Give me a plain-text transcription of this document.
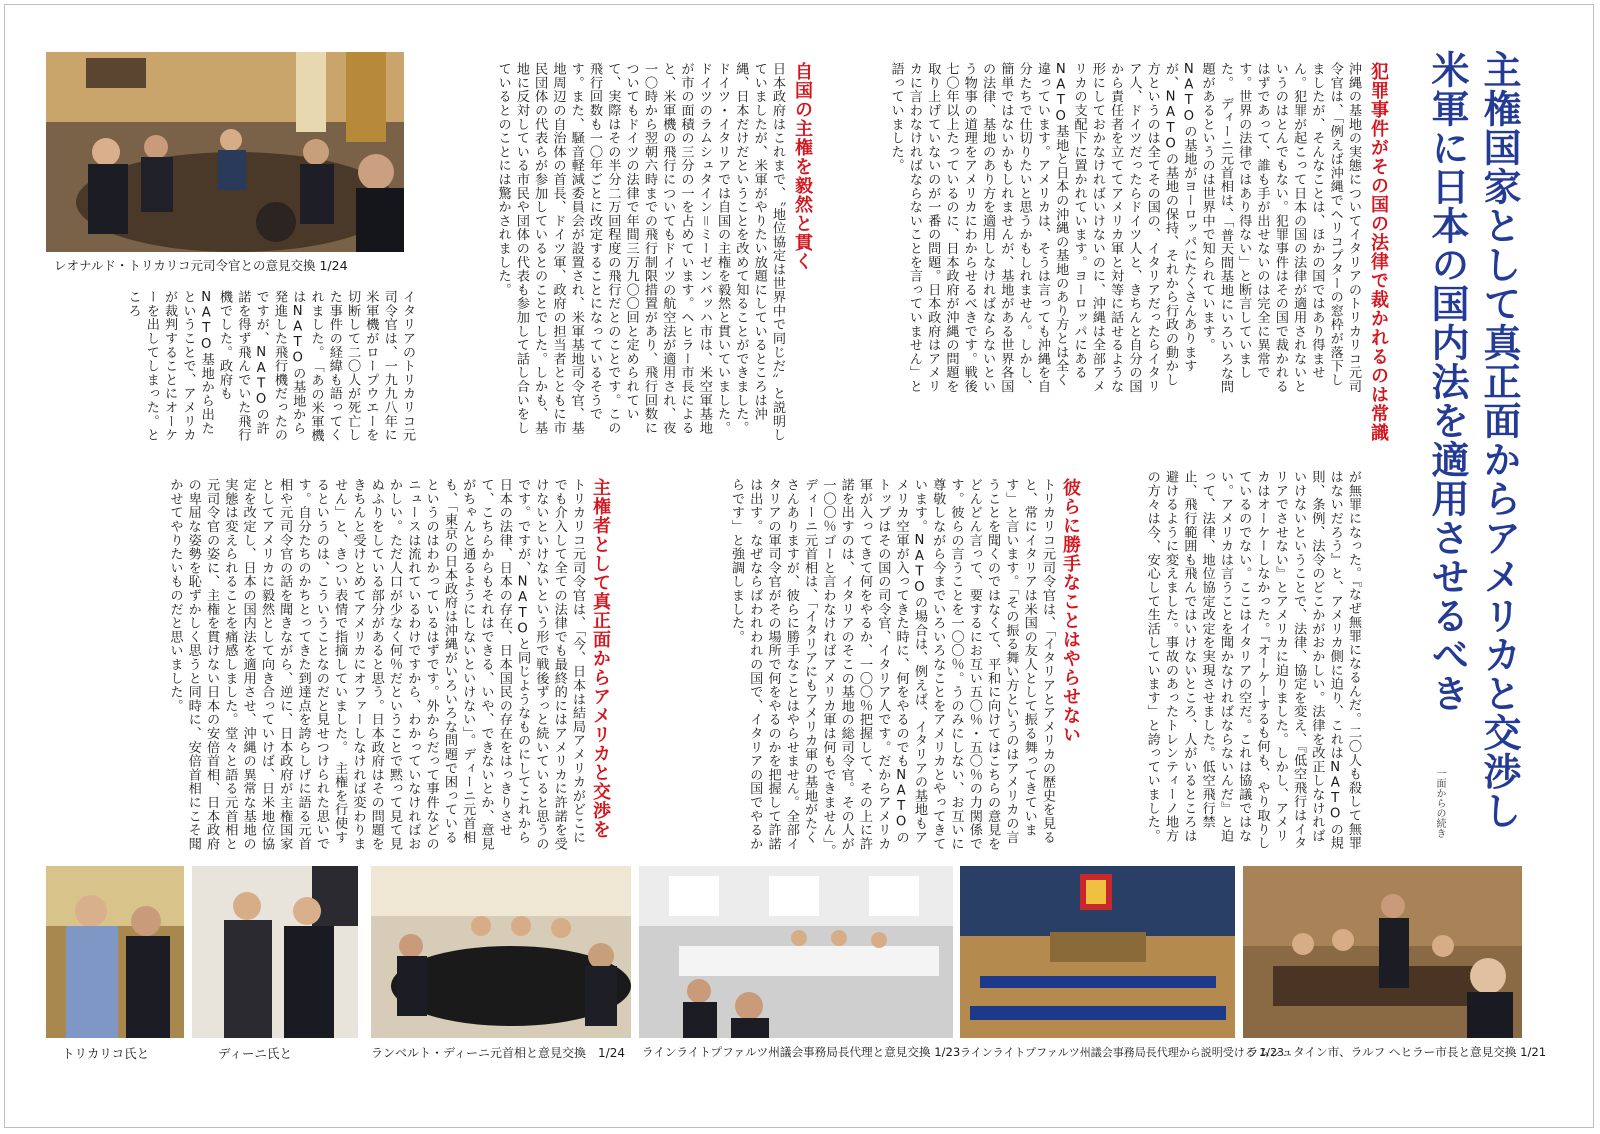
主権国家として真正面からアメリカと交渉し
米軍に日本の国内法を適用させるべき
一面からの続き
犯罪事件がその国の法律で裁かれるのは常識
沖縄の基地の実態についてイタリアのトリカリコ元司令官は、「例えば沖縄でヘリコプターの窓枠が落下しましたが、そんなことは、ほかの国ではあり得ません。犯罪が起こって日本の国の法律が適用されないというのはとんでもない。犯罪事件はその国で裁かれるはずであって、誰も手が出せないのは完全に異常です。世界の法律ではあり得ない」と断言していました。　ディーニ元首相は、「普天間基地にいろいろな問題があるというのは世界中で知られています。NATOの基地がヨーロッパにたくさんありますが、NATOの基地の保持、それから行政の動かし方というのは全てその国の、イタリアだったらイタリア人、ドイツだったらドイツ人と、きちんと自分の国から責任者を立ててアメリカ軍と対等に話せるような形にしておかなければいけないのに、沖縄は全部アメリカの支配下に置かれています。ヨーロッパにあるNATO基地と日本の沖縄の基地のあり方とは全く違っています。アメリカは、そうは言っても沖縄を自分たちで仕切りたいと思うかもしれません。しかし、簡単ではないかもしれませんが、基地がある世界各国の法律、基地のあり方を適用しなければならないという物事の道理をアメリカにわからせるべきです。戦後七〇年以上たっているのに、日本政府が沖縄の問題を取り上げていないのが一番の問題。日本政府はアメリカに言わなければならないことを言っていません」と語っていました。
自国の主権を毅然と貫く
日本政府はこれまで、〝地位協定は世界中で同じだ〟と説明していましたが、米軍がやりたい放題にしているところは沖縄、日本だけだということを改めて知ることができました。ドイツ・イタリアでは自国の主権を毅然と貫いていました。　ドイツのラムシュタイン＝ミーゼンバッハ市は、米空軍基地が市の面積の三分の一を占めています。ヘヒラー市長によると、米軍機の飛行についてもドイツの航空法が適用され、夜一〇時から翌朝六時までの飛行制限措置があり、飛行回数についてもドイツの法律で年間三万九〇〇回と定められていて、実際はその半分二万回程度の飛行だとのことです。この飛行回数も一〇年ごとに改定することになっているそうです。また、騒音軽減委員会が設置され、米軍基地司令官、基地周辺の自治体の首長、ドイツ軍、政府の担当者とともに市民団体の代表らが参加しているとのことでした。しかも、基地に反対している市民や団体の代表も参加して話し合いをしているとのことには驚かされました。
レオナルド・トリカリコ元司令官との意見交換 1/24
イタリアのトリカリコ元司令官は、一九九八年に米軍機がロープウエーを切断して二〇人が死亡した事件の経緯も語ってくれました。　「あの米軍機はNATOの基地から発進した飛行機だったのですが、NATOの許諾を得ず飛んでいた飛行機でした。政府もNATO基地から出たということで、アメリカが裁判することにオーケーを出してしまった。ところ
が無罪になった。『なぜ無罪になるんだ。二〇人も殺して無罪はないだろう』と、アメリカ側に迫り、これはNATOの規則、条例、法令のどこかがおかしい。法律を改正しなければいけないということで、法律、協定を変え、『低空飛行はイタリアでさせない』とアメリカに迫りました。しかし、アメリカはオーケーしなかった。『オーケーするも何も、やり取りしているのでない。ここはイタリアの空だ。これは協議ではない。アメリカは言うことを聞かなければならないんだ』と迫って、法律、地位協定改定を実現させました。低空飛行禁止、飛行範囲も飛んではいけないところ、人がいるところは避けるように変えました。事故のあったトレンティーノ地方の方々は今、安心して生活しています」と誇っていました。
彼らに勝手なことはやらせない
トリカリコ元司令官は、「イタリアとアメリカの歴史を見ると、常にイタリアは米国の友人として振る舞ってきています」と言います。「その振る舞い方というのはアメリカの言うことを聞くのではなくて、平和に向けてはこちらの意見をどんどん言って、要するにお互い五〇％・五〇％の力関係です。彼らの言うことを一〇〇％。うのみにしない、お互いに尊敬しながら今までいろいろなことをアメリカとやってきています。NATOの場合は、例えば、イタリアの基地もアメリカ空軍が入ってきた時に、何をやるのでもNATOのトップはその国の司令官、イタリア人です。だからアメリカ軍が入ってきて何をやるか、一〇〇％把握して、その上に許諾を出すのは、イタリアのそこの基地の総司令官。その人が一〇〇％ゴーと言わなければアメリカ軍は何もできません」。　ディーニ元首相は、「イタリアにもアメリカ軍の基地がたくさんありますが、彼らに勝手なことはやらせません。全部イタリアの軍司令官がその場所で何をやるのかを把握して許諾は出す。なぜならばわれわれの国で、イタリアの国でやるからです」と強調しました。
主権者として真正面からアメリカと交渉を
トリカリコ元司令官は、「今、日本は結局アメリカがどこにでも介入して全ての法律でも最終的にはアメリカに許諾を受けないといけないという形で戦後ずっと続いていると思うのです。ですが、NATOと同じようなものにしてこれから日本の法律、日本の存在、日本国民の存在をはっきりさせて、こちらからもそれはできる、いや、できないとか、意見がちゃんと通るようにしないといけない」。ディーニ元首相も、「東京の日本政府は沖縄がいろいろな問題で困っているというのはわかっているはずです。外からだって事件などのニュースは流れているわけですから、わかっていなければおかしい。ただ人口が少なく何％だということで黙って見て見ぬふりをしている部分があると思う。日本政府はその問題をきちんと受けとめてアメリカにオファーしなければ変わりません」と、きつい表情で指摘していました。　主権を行使するというのは、こういうことなのだと見せつけられた思いです。自分たちのかちとってきた到達点を誇らしげに語る元首相や元司令官の話を聞きながら、逆に、日本政府が主権国家としてアメリカに毅然として向き合っていけば、日米地位協定を改定し、日本の国内法を適用させ、沖縄の異常な基地の実態は変えられることを痛感しました。堂々と語る元首相と元司令官の姿に、主権を貫けない日本の安倍首相、日本政府の卑屈な姿勢を恥ずかしく思うと同時に、安倍首相にこそ聞かせてやりたいものだと思いました。
トリカリコ氏と	ディーニ氏と	ランベルト・ディーニ元首相と意見交換　1/24 ラインライトプファルツ州議会事務局長代理と意見交換 1/23 ラインライトプファルツ州議会事務局長代理から説明受ける 1/23
ラムシュタイン市、ラルフ ヘヒラー市長と意見交換 1/21
